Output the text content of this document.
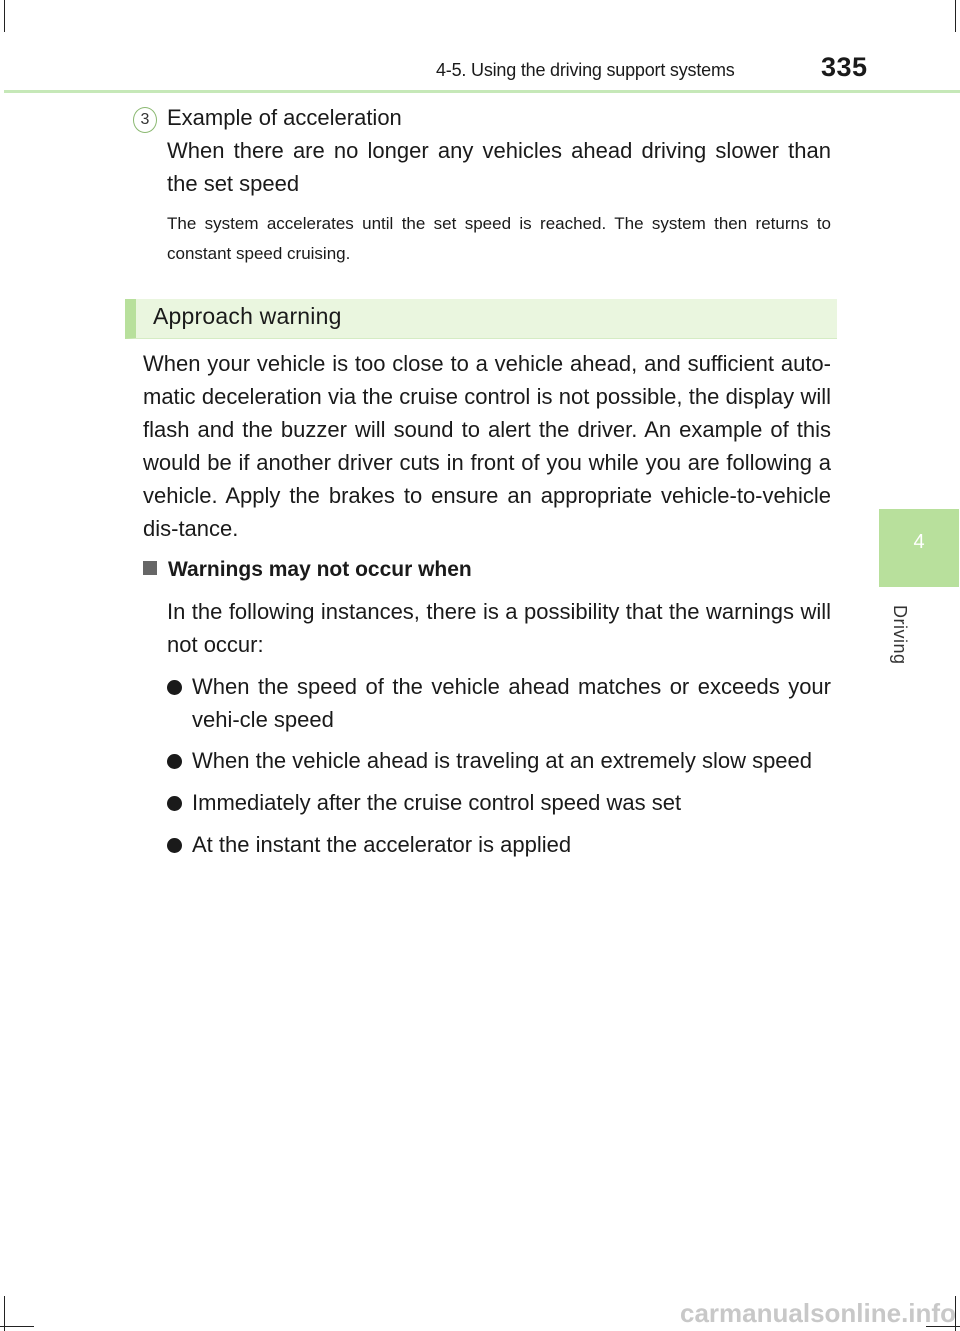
4-5. Using the driving support systems	335
3 Example of acceleration

When there are no longer any vehicles ahead driving slower than the set speed

The system accelerates until the set speed is reached. The system then returns to constant speed cruising.

Approach warning

When your vehicle is too close to a vehicle ahead, and sufficient auto-matic deceleration via the cruise control is not possible, the display will flash and the buzzer will sound to alert the driver. An example of this would be if another driver cuts in front of you while you are following a vehicle. Apply the brakes to ensure an appropriate vehicle-to-vehicle dis-tance.

Warnings may not occur when

In the following instances, there is a possibility that the warnings will not occur:

When the speed of the vehicle ahead matches or exceeds your vehi-cle speed
When the vehicle ahead is traveling at an extremely slow speed
Immediately after the cruise control speed was set
At the instant the accelerator is applied
4
Driving
carmanualsonline.info
